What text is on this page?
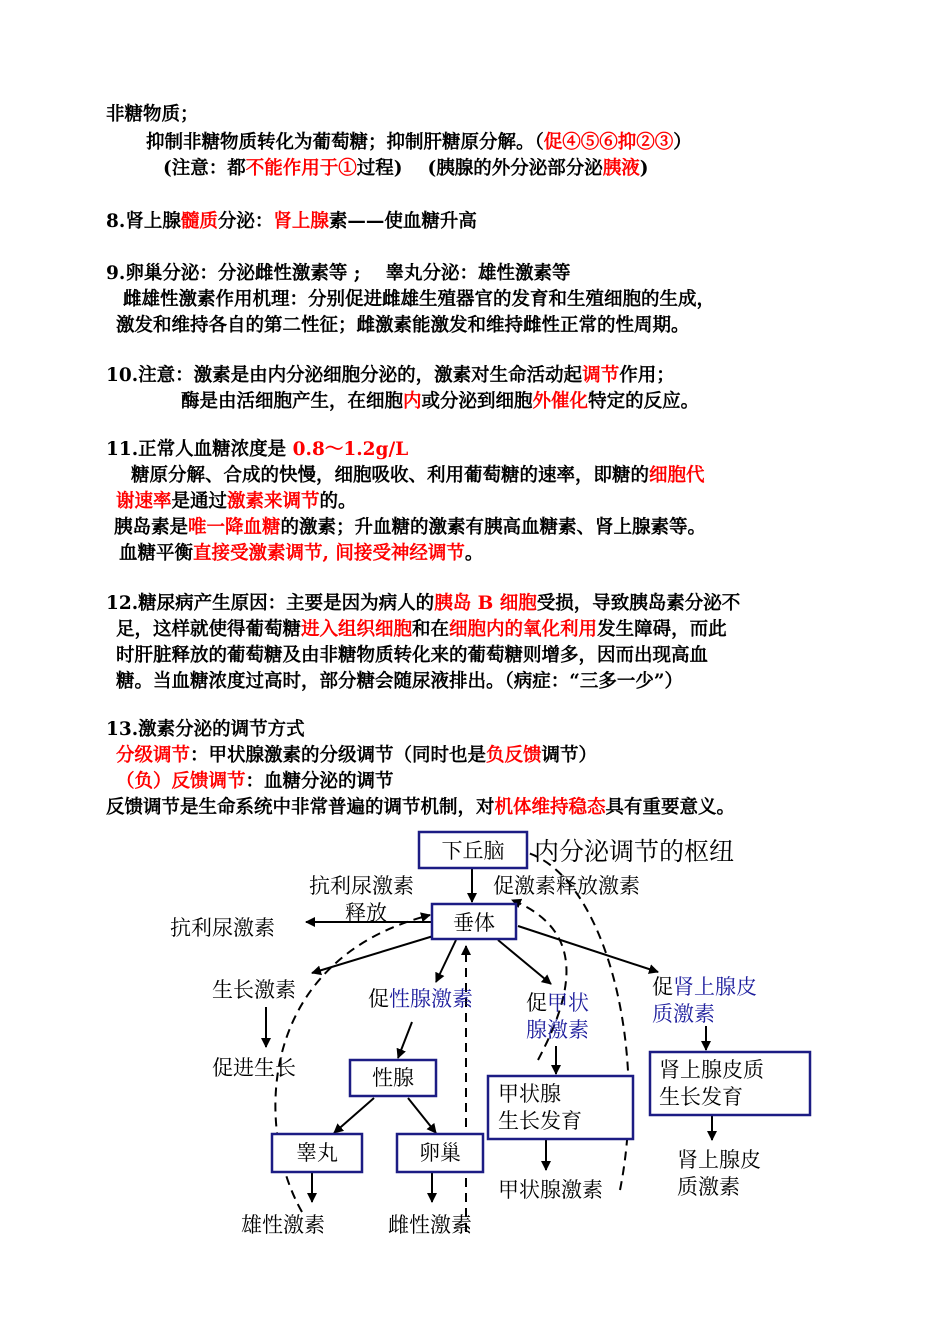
非糖物质；
抑制非糖物质转化为葡萄糖；抑制肝糖原分解。（促④⑤⑥抑②③）
(注意：都不能作用于①过程)　 (胰腺的外分泌部分泌胰液)
8.肾上腺髓质分泌：肾上腺素——使血糖升高
9.卵巢分泌：分泌雌性激素等 ;　 睾丸分泌：雄性激素等
雌雄性激素作用机理：分别促进雌雄生殖器官的发育和生殖细胞的生成，
激发和维持各自的第二性征；雌激素能激发和维持雌性正常的性周期。
10.注意：激素是由内分泌细胞分泌的，激素对生命活动起调节作用；
酶是由活细胞产生，在细胞内或分泌到细胞外催化特定的反应。
11.正常人血糖浓度是 0.8～1.2g/L
糖原分解、合成的快慢，细胞吸收、利用葡萄糖的速率，即糖的细胞代
谢速率是通过激素来调节的。
胰岛素是唯一降血糖的激素；升血糖的激素有胰高血糖素、肾上腺素等。
血糖平衡直接受激素调节, 间接受神经调节。
12.糖尿病产生原因：主要是因为病人的胰岛 B 细胞受损，导致胰岛素分泌不
足，这样就使得葡萄糖进入组织细胞和在细胞内的氧化利用发生障碍，而此
时肝脏释放的葡萄糖及由非糖物质转化来的葡萄糖则增多，因而出现高血
糖。当血糖浓度过高时，部分糖会随尿液排出。（病症：“三多一少”）
13.激素分泌的调节方式
分级调节：甲状腺激素的分级调节（同时也是负反馈调节）
（负）反馈调节：血糖分泌的调节
反馈调节是生命系统中非常普遍的调节机制，对机体维持稳态具有重要意义。
下丘脑 内分泌调节的枢纽
抗利尿激素
释放
促激素释放激素
垂体
抗利尿激素
生长激素
促进生长
促性腺激素	促甲状
腺激素
促肾上腺皮
质激素
性腺
睾丸	卵巢
雄性激素	雌性激素
甲状腺
生长发育
甲状腺激素
肾上腺皮质
生长发育
肾上腺皮
质激素
